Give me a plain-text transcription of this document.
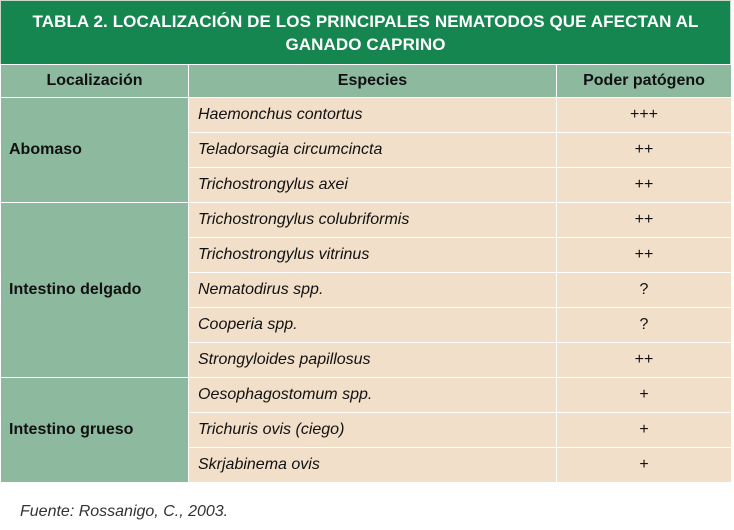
TABLA 2. LOCALIZACIÓN DE LOS PRINCIPALES NEMATODOS QUE AFECTAN AL GANADO CAPRINO
Localización	Especies	Poder patógeno
Abomaso	Haemonchus contortus	+++
	Teladorsagia circumcincta	++
	Trichostrongylus axei	++
Intestino delgado	Trichostrongylus colubriformis	++
	Trichostrongylus vitrinus	++
	Nematodirus spp.	?
	Cooperia spp.	?
	Strongyloides papillosus	++
Intestino grueso	Oesophagostomum spp.	+
	Trichuris ovis (ciego)	+
	Skrjabinema ovis	+
Fuente: Rossanigo, C., 2003.
